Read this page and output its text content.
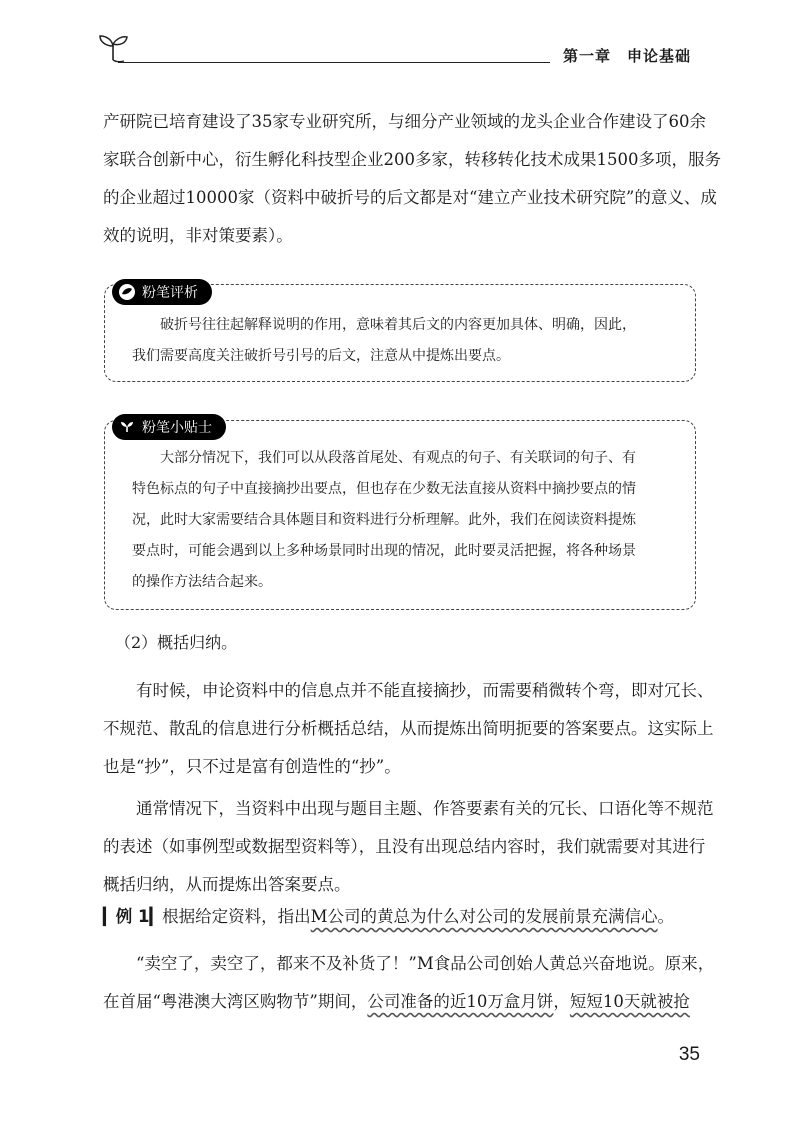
第一章 申论基础
产研院已培育建设了35家专业研究所，与细分产业领域的龙头企业合作建设了60余
家联合创新中心，衍生孵化科技型企业200多家，转移转化技术成果1500多项，服务
的企业超过10000家（资料中破折号的后文都是对“建立产业技术研究院”的意义、成
效的说明，非对策要素）。
粉笔评析
　　破折号往往起解释说明的作用，意味着其后文的内容更加具体、明确，因此，
我们需要高度关注破折号引号的后文，注意从中提炼出要点。
粉笔小贴士
　　大部分情况下，我们可以从段落首尾处、有观点的句子、有关联词的句子、有
特色标点的句子中直接摘抄出要点，但也存在少数无法直接从资料中摘抄要点的情
况，此时大家需要结合具体题目和资料进行分析理解。此外，我们在阅读资料提炼
要点时，可能会遇到以上多种场景同时出现的情况，此时要灵活把握，将各种场景
的操作方法结合起来。
（2）概括归纳。
　　有时候，申论资料中的信息点并不能直接摘抄，而需要稍微转个弯，即对冗长、
不规范、散乱的信息进行分析概括总结，从而提炼出简明扼要的答案要点。这实际上
也是“抄”，只不过是富有创造性的“抄”。
　　通常情况下，当资料中出现与题目主题、作答要素有关的冗长、口语化等不规范
的表述（如事例型或数据型资料等），且没有出现总结内容时，我们就需要对其进行
概括归纳，从而提炼出答案要点。
▎例 1▎根据给定资料，指出M公司的黄总为什么对公司的发展前景充满信心。
　　“卖空了，卖空了，都来不及补货了！”M食品公司创始人黄总兴奋地说。原来，
在首届“粤港澳大湾区购物节”期间，公司准备的近10万盒月饼，短短10天就被抢
35
